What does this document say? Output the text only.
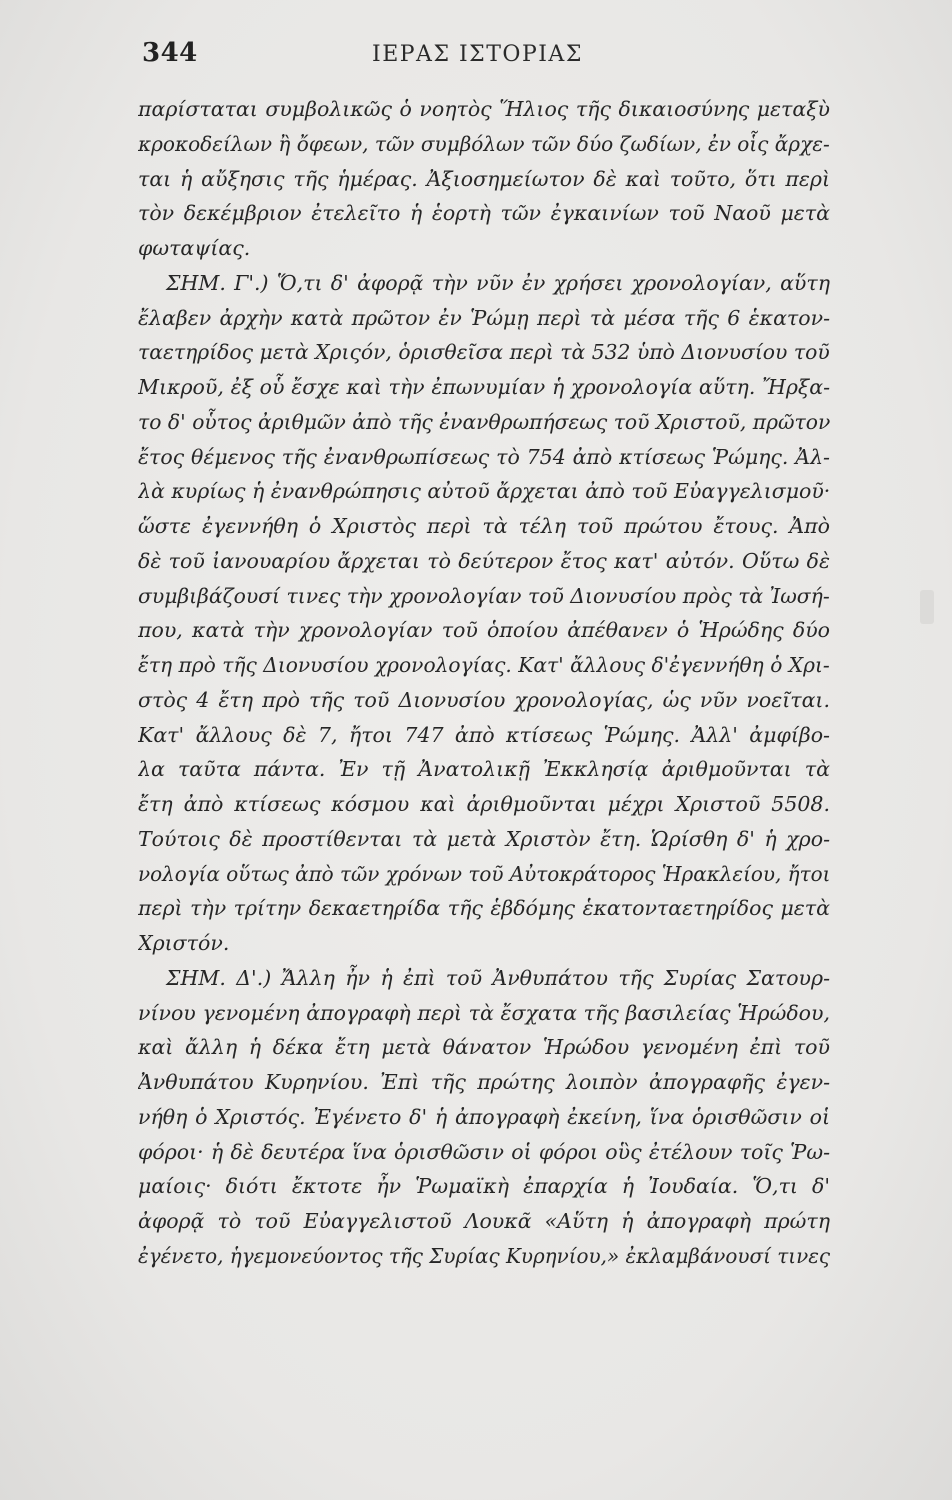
344	ΙΕΡΑΣ ΙΣΤΟΡΙΑΣ
παρίσταται συμβολικῶς ὁ νοητὸς Ἥλιος τῆς δικαιοσύνης μεταξὺ
κροκοδείλων ἢ ὄφεων, τῶν συμβόλων τῶν δύο ζωδίων, ἐν οἷς ἄρχε-
ται ἡ αὔξησις τῆς ἡμέρας. Ἀξιοσημείωτον δὲ καὶ τοῦτο, ὅτι περὶ
τὸν δεκέμβριον ἐτελεῖτο ἡ ἑορτὴ τῶν ἐγκαινίων τοῦ Ναοῦ μετὰ
φωταψίας.
ΣΗΜ. Γ'.) Ὅ,τι δ' ἀφορᾷ τὴν νῦν ἐν χρήσει χρονολογίαν, αὕτη
ἔλαβεν ἀρχὴν κατὰ πρῶτον ἐν Ῥώμῃ περὶ τὰ μέσα τῆς 6 ἑκατον-
ταετηρίδος μετὰ Χριςόν, ὁρισθεῖσα περὶ τὰ 532 ὑπὸ Διονυσίου τοῦ
Μικροῦ, ἐξ οὗ ἔσχε καὶ τὴν ἐπωνυμίαν ἡ χρονολογία αὕτη. Ἤρξα-
το δ' οὗτος ἀριθμῶν ἀπὸ τῆς ἐνανθρωπήσεως τοῦ Χριστοῦ, πρῶτον
ἔτος θέμενος τῆς ἐνανθρωπίσεως τὸ 754 ἀπὸ κτίσεως Ῥώμης. Ἀλ-
λὰ κυρίως ἡ ἐνανθρώπησις αὐτοῦ ἄρχεται ἀπὸ τοῦ Εὐαγγελισμοῦ·
ὥστε ἐγεννήθη ὁ Χριστὸς περὶ τὰ τέλη τοῦ πρώτου ἔτους. Ἀπὸ
δὲ τοῦ ἰανουαρίου ἄρχεται τὸ δεύτερον ἔτος κατ' αὐτόν. Οὕτω δὲ
συμβιβάζουσί τινες τὴν χρονολογίαν τοῦ Διονυσίου πρὸς τὰ Ἰωσή-
που, κατὰ τὴν χρονολογίαν τοῦ ὁποίου ἀπέθανεν ὁ Ἡρώδης δύο
ἔτη πρὸ τῆς Διονυσίου χρονολογίας. Κατ' ἄλλους δ'ἐγεννήθη ὁ Χρι-
στὸς 4 ἔτη πρὸ τῆς τοῦ Διονυσίου χρονολογίας, ὡς νῦν νοεῖται.
Κατ' ἄλλους δὲ 7, ἤτοι 747 ἀπὸ κτίσεως Ῥώμης. Ἀλλ' ἀμφίβο-
λα ταῦτα πάντα. Ἐν τῇ Ἀνατολικῇ Ἐκκλησίᾳ ἀριθμοῦνται τὰ
ἔτη ἀπὸ κτίσεως κόσμου καὶ ἀριθμοῦνται μέχρι Χριστοῦ 5508.
Τούτοις δὲ προστίθενται τὰ μετὰ Χριστὸν ἔτη. Ὡρίσθη δ' ἡ χρο-
νολογία οὕτως ἀπὸ τῶν χρόνων τοῦ Αὐτοκράτορος Ἡρακλείου, ἤτοι
περὶ τὴν τρίτην δεκαετηρίδα τῆς ἑβδόμης ἑκατονταετηρίδος μετὰ
Χριστόν.
ΣΗΜ. Δ'.) Ἄλλη ἦν ἡ ἐπὶ τοῦ Ἀνθυπάτου τῆς Συρίας Σατουρ-
νίνου γενομένη ἀπογραφὴ περὶ τὰ ἔσχατα τῆς βασιλείας Ἡρώδου,
καὶ ἄλλη ἡ δέκα ἔτη μετὰ θάνατον Ἡρώδου γενομένη ἐπὶ τοῦ
Ἀνθυπάτου Κυρηνίου. Ἐπὶ τῆς πρώτης λοιπὸν ἀπογραφῆς ἐγεν-
νήθη ὁ Χριστός. Ἐγένετο δ' ἡ ἀπογραφὴ ἐκείνη, ἵνα ὁρισθῶσιν οἱ
φόροι· ἡ δὲ δευτέρα ἵνα ὁρισθῶσιν οἱ φόροι οὓς ἐτέλουν τοῖς Ῥω-
μαίοις· διότι ἔκτοτε ἦν Ῥωμαϊκὴ ἐπαρχία ἡ Ἰουδαία. Ὅ,τι δ'
ἀφορᾷ τὸ τοῦ Εὐαγγελιστοῦ Λουκᾶ «Αὕτη ἡ ἀπογραφὴ πρώτη
ἐγένετο, ἡγεμονεύοντος τῆς Συρίας Κυρηνίου,» ἐκλαμβάνουσί τινες
